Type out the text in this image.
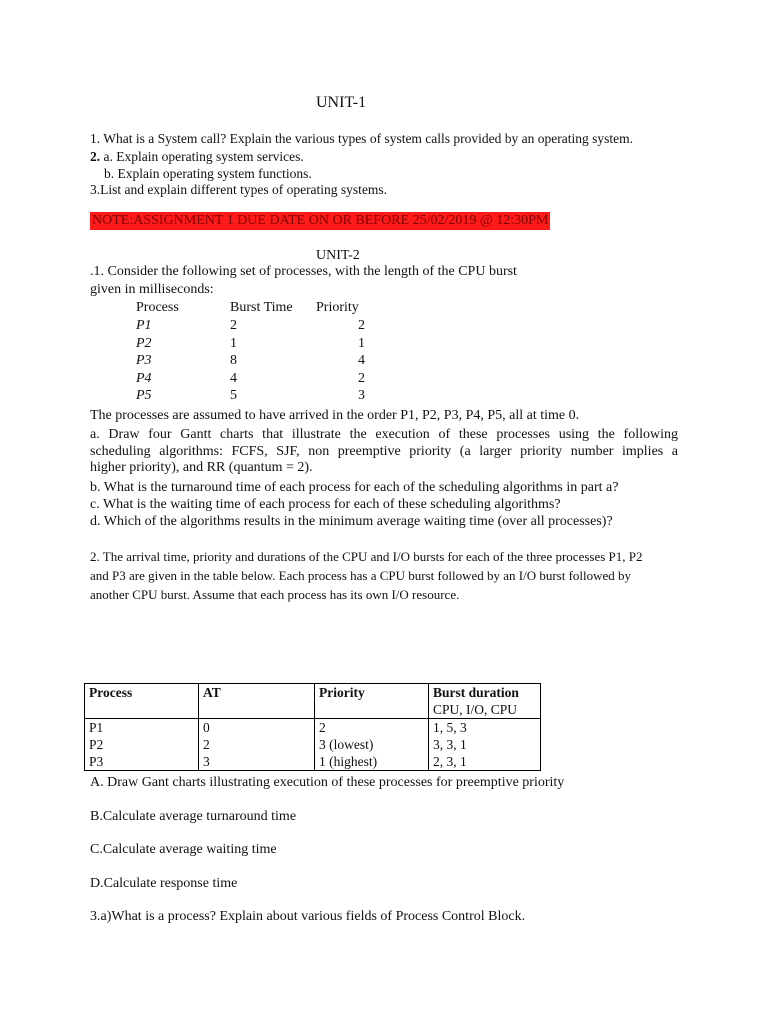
UNIT-1
1. What is a System call? Explain the various types of system calls provided by an operating system.
2. a. Explain operating system services.
b. Explain operating system functions.
3.List and explain different types of operating systems.
NOTE:ASSIGNMENT 1 DUE DATE ON OR BEFORE 25/02/2019 @ 12:30PM
UNIT-2
.1. Consider the following set of processes, with the length of the CPU burst
given in milliseconds:
Process	Burst Time Priority
P1	2	2
P2	1	1
P3	8	4
P4	4	2
P5	5	3
The processes are assumed to have arrived in the order P1, P2, P3, P4, P5, all at time 0.
a. Draw four Gantt charts that illustrate the execution of these processes using the following
scheduling algorithms: FCFS, SJF, non preemptive priority (a larger priority number implies a
higher priority), and RR (quantum = 2).
b. What is the turnaround time of each process for each of the scheduling algorithms in part a?
c. What is the waiting time of each process for each of these scheduling algorithms?
d. Which of the algorithms results in the minimum average waiting time (over all processes)?
2. The arrival time, priority and durations of the CPU and I/O bursts for each of the three processes P1, P2
and P3 are given in the table below. Each process has a CPU burst followed by an I/O burst followed by
another CPU burst. Assume that each process has its own I/O resource.
Process	AT	Priority	Burst duration
CPU, I/O, CPU
P1	0	2	1, 5, 3
P2	2	3 (lowest)	3, 3, 1
P3	3	1 (highest)	2, 3, 1
A. Draw Gant charts illustrating execution of these processes for preemptive priority
B.Calculate average turnaround time
C.Calculate average waiting time
D.Calculate response time
3.a)What is a process? Explain about various fields of Process Control Block.
